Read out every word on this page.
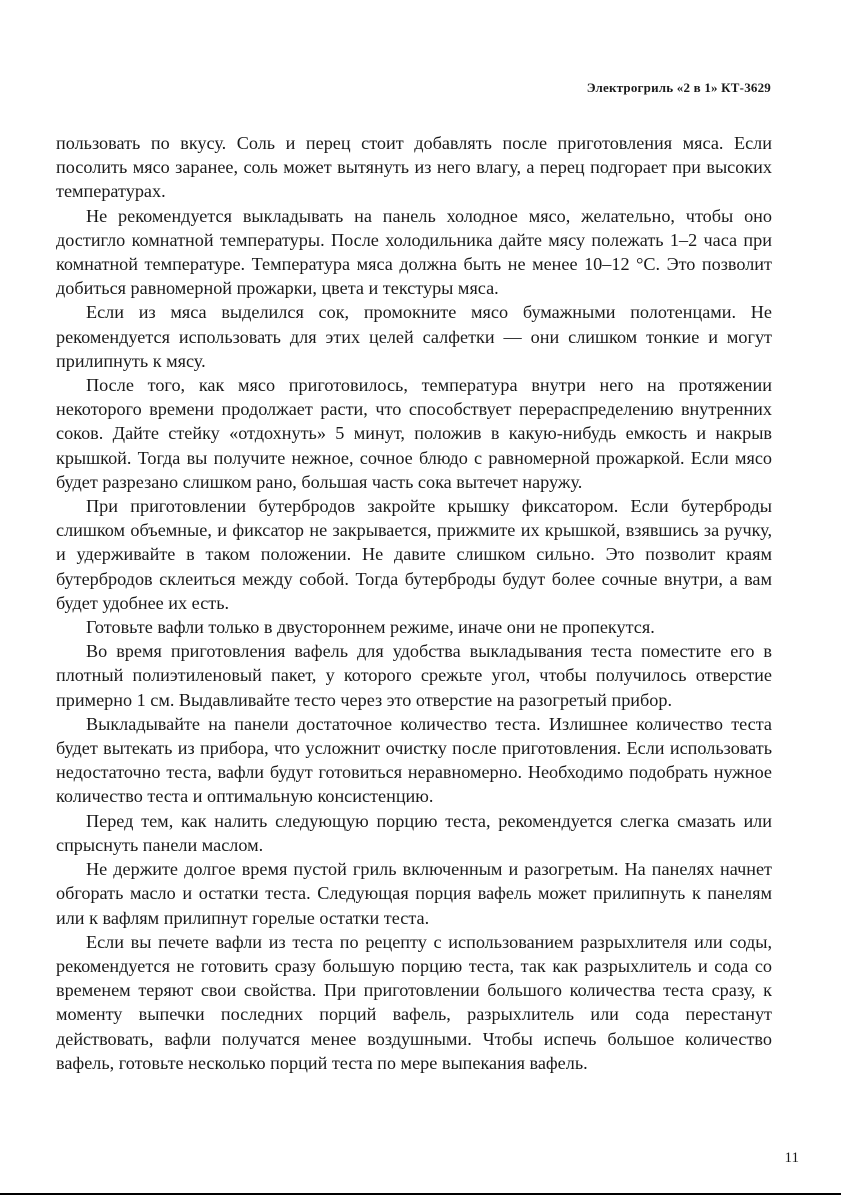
Электрогриль «2 в 1» КТ-3629

пользовать по вкусу. Соль и перец стоит добавлять после приготовления мяса. Если посолить мясо заранее, соль может вытянуть из него влагу, а перец подгорает при высоких температурах.

Не рекомендуется выкладывать на панель холодное мясо, желательно, чтобы оно достигло комнатной температуры. После холодильника дайте мясу полежать 1–2 часа при комнатной температуре. Температура мяса должна быть не менее 10–12 °С. Это позволит добиться равномерной прожарки, цвета и текстуры мяса.

Если из мяса выделился сок, промокните мясо бумажными полотенцами. Не рекомендуется использовать для этих целей салфетки — они слишком тонкие и могут прилипнуть к мясу.

После того, как мясо приготовилось, температура внутри него на протяжении некоторого времени продолжает расти, что способствует перераспределению внутренних соков. Дайте стейку «отдохнуть» 5 минут, положив в какую-нибудь емкость и накрыв крышкой. Тогда вы получите нежное, сочное блюдо с равномерной прожаркой. Если мясо будет разрезано слишком рано, большая часть сока вытечет наружу.

При приготовлении бутербродов закройте крышку фиксатором. Если бутерброды слишком объемные, и фиксатор не закрывается, прижмите их крышкой, взявшись за ручку, и удерживайте в таком положении. Не давите слишком сильно. Это позволит краям бутербродов склеиться между собой. Тогда бутерброды будут более сочные внутри, а вам будет удобнее их есть.

Готовьте вафли только в двустороннем режиме, иначе они не пропекутся.

Во время приготовления вафель для удобства выкладывания теста поместите его в плотный полиэтиленовый пакет, у которого срежьте угол, чтобы получилось отверстие примерно 1 см. Выдавливайте тесто через это отверстие на разогретый прибор.

Выкладывайте на панели достаточное количество теста. Излишнее количество теста будет вытекать из прибора, что усложнит очистку после приготовления. Если использовать недостаточно теста, вафли будут готовиться неравномерно. Необходимо подобрать нужное количество теста и оптимальную консистенцию.

Перед тем, как налить следующую порцию теста, рекомендуется слегка смазать или спрыснуть панели маслом.

Не держите долгое время пустой гриль включенным и разогретым. На панелях начнет обгорать масло и остатки теста. Следующая порция вафель может прилипнуть к панелям или к вафлям прилипнут горелые остатки теста.

Если вы печете вафли из теста по рецепту с использованием разрыхлителя или соды, рекомендуется не готовить сразу большую порцию теста, так как разрыхлитель и сода со временем теряют свои свойства. При приготовлении большого количества теста сразу, к моменту выпечки последних порций вафель, разрыхлитель или сода перестанут действовать, вафли получатся менее воздушными. Чтобы испечь большое количество вафель, готовьте несколько порций теста по мере выпекания вафель.

11
